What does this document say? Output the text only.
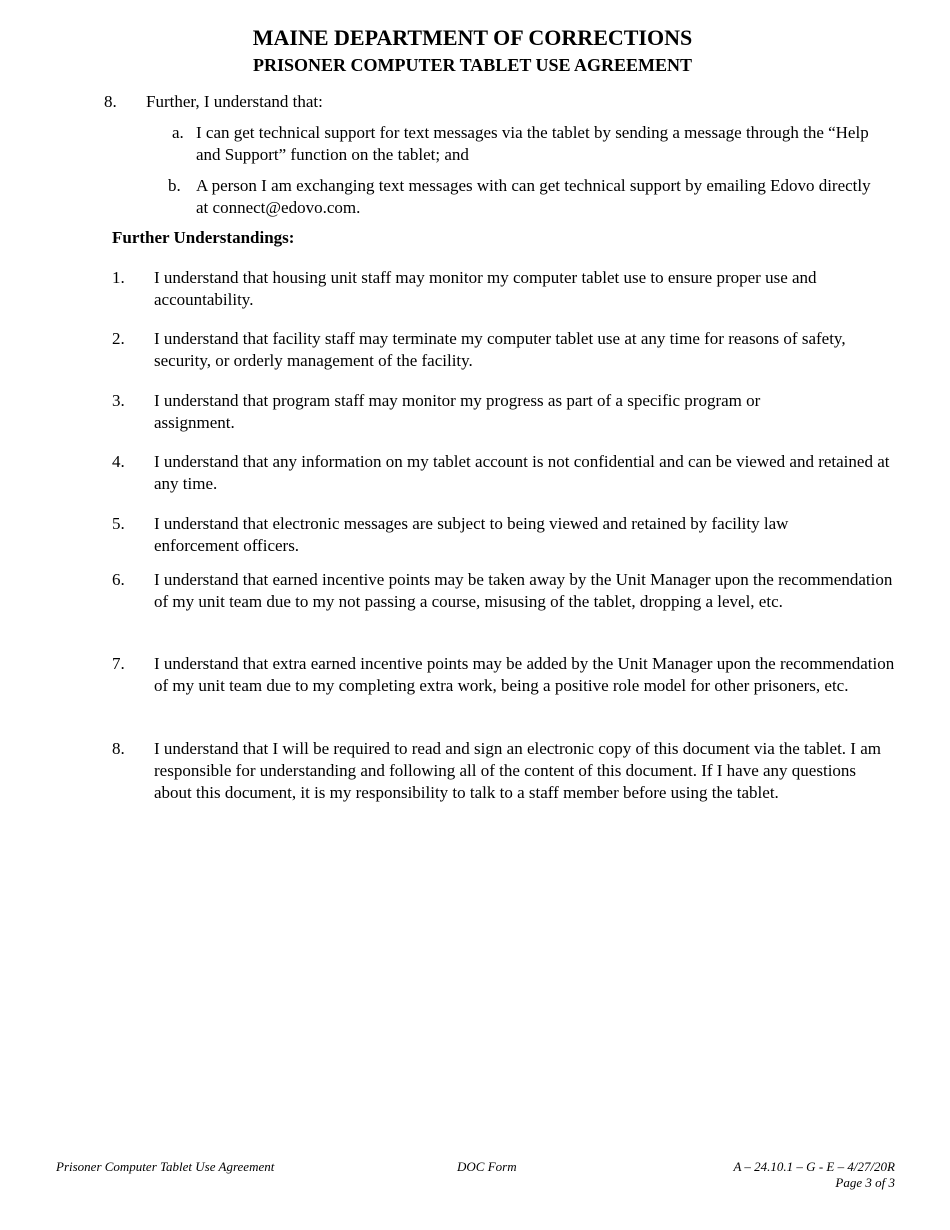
MAINE DEPARTMENT OF CORRECTIONS
PRISONER COMPUTER TABLET USE AGREEMENT
8. Further, I understand that:
a. I can get technical support for text messages via the tablet by sending a message through the “Help and Support” function on the tablet; and
b. A person I am exchanging text messages with can get technical support by emailing Edovo directly at connect@edovo.com.
Further Understandings:
1. I understand that housing unit staff may monitor my computer tablet use to ensure proper use and accountability.
2. I understand that facility staff may terminate my computer tablet use at any time for reasons of safety, security, or orderly management of the facility.
3. I understand that program staff may monitor my progress as part of a specific program or assignment.
4. I understand that any information on my tablet account is not confidential and can be viewed and retained at any time.
5. I understand that electronic messages are subject to being viewed and retained by facility law enforcement officers.
6. I understand that earned incentive points may be taken away by the Unit Manager upon the recommendation of my unit team due to my not passing a course, misusing of the tablet, dropping a level, etc.
7. I understand that extra earned incentive points may be added by the Unit Manager upon the recommendation of my unit team due to my completing extra work, being a positive role model for other prisoners, etc.
8. I understand that I will be required to read and sign an electronic copy of this document via the tablet. I am responsible for understanding and following all of the content of this document. If I have any questions about this document, it is my responsibility to talk to a staff member before using the tablet.
Prisoner Computer Tablet Use Agreement	DOC Form	A – 24.10.1 – G - E – 4/27/20R
Page 3 of 3
